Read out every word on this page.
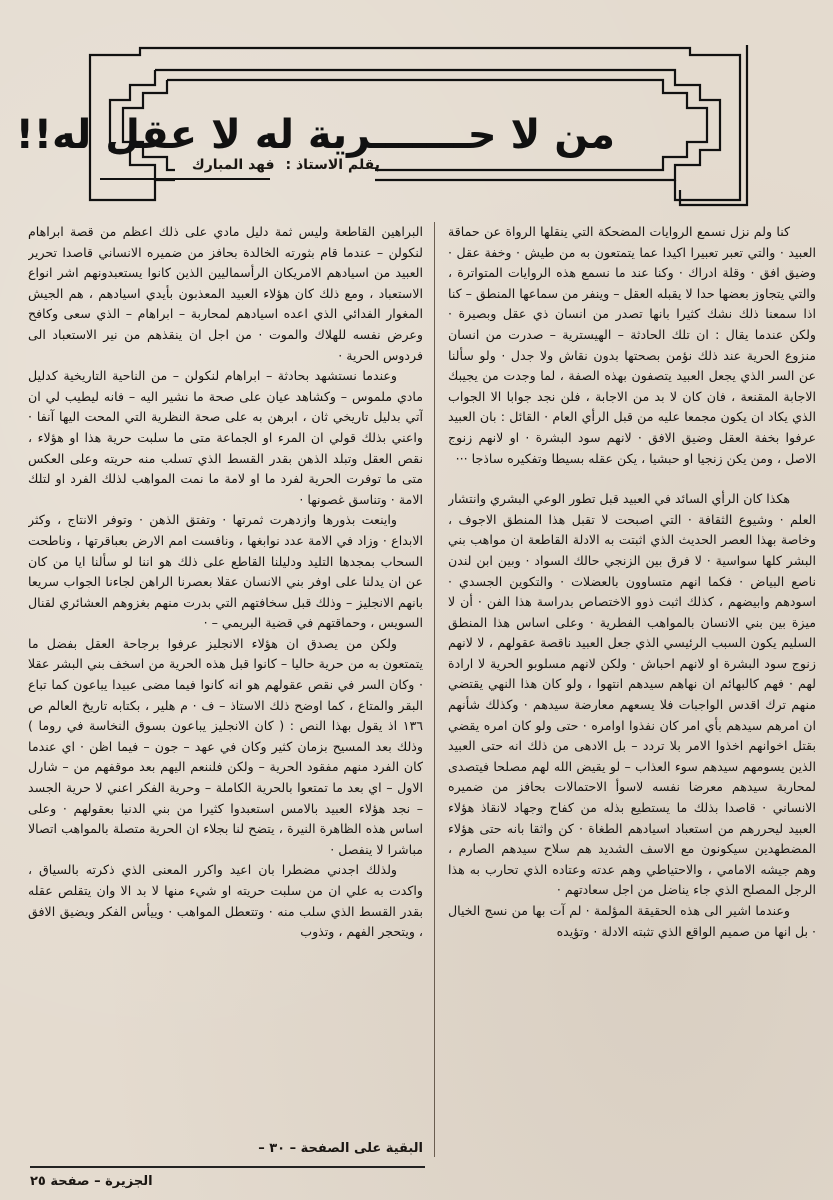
من لا حـــــــرية له لا عقل له!!
بقلم الاستاذ : فهد المبارك

كنا ولم نزل نسمع الروايات المضحكة التي ينقلها الرواة عن حماقة العبيد · والتي تعبر تعبيرا اكيدا عما يتمتعون به من طيش · وخفة عقل · وضيق افق · وقلة ادراك · وكنا عند ما نسمع هذه الروايات المتواترة ، والتي يتجاوز بعضها حدا لا يقبله العقل – وينفر من سماعها المنطق – كنا اذا سمعنا ذلك نشك كثيرا بانها تصدر من انسان ذي عقل وبصيرة · ولكن عندما يقال : ان تلك الحادثة – الهيسترية – صدرت من انسان منزوع الحرية عند ذلك نؤمن بصحتها بدون نقاش ولا جدل · ولو سألنا عن السر الذي يجعل العبيد يتصفون بهذه الصفة ، لما وجدت من يجيبك الاجابة المقنعة ، فان كان لا بد من الاجابة ، فلن نجد جوابا الا الجواب الذي يكاد ان يكون مجمعا عليه من قبل الرأي العام · القائل : بان العبيد عرفوا بخفة العقل وضيق الافق · لانهم سود البشرة · او لانهم زنوج الاصل ، ومن يكن زنجيا او حبشيا ، يكن عقله بسيطا وتفكيره ساذجا ···

هكذا كان الرأي السائد في العبيد قبل تطور الوعي البشري وانتشار العلم · وشيوع الثقافة · التي اصبحت لا تقبل هذا المنطق الاجوف ، وخاصة بهذا العصر الحديث الذي اثبتت به الادلة القاطعة ان مواهب بني البشر كلها سواسية · لا فرق بين الزنجي حالك السواد · وبين ابن لندن ناصع البياض · فكما انهم متساوون بالعضلات · والتكوين الجسدي · اسودهم وابيضهم ، كذلك اثبت ذوو الاختصاص بدراسة هذا الفن · أن لا ميزة بين بني الانسان بالمواهب الفطرية · وعلى اساس هذا المنطق السليم يكون السبب الرئيسي الذي جعل العبيد ناقصة عقولهم ، لا لانهم زنوج سود البشرة او لانهم احباش · ولكن لانهم مسلوبو الحرية لا ارادة لهم · فهم كالبهائم ان نهاهم سيدهم انتهوا ، ولو كان هذا النهي يقتضي منهم ترك اقدس الواجبات فلا يسعهم معارضة سيدهم · وكذلك شأنهم ان امرهم سيدهم بأي امر كان نفذوا اوامره · حتى ولو كان امره يقضي بقتل اخوانهم اخذوا الامر بلا تردد – بل الادهى من ذلك انه حتى العبيد الذين يسومهم سيدهم سوء العذاب – لو يقيض الله لهم مصلحا فيتصدى لمحاربة سيدهم معرضا نفسه لاسوأ الاحتمالات بحافز من ضميره الانساني · قاصدا بذلك ما يستطيع بذله من كفاح وجهاد لانقاذ هؤلاء العبيد ليحررهم من استعباد اسيادهم الطغاة · كن واثقا بانه حتى هؤلاء المضطهدين سيكونون مع الاسف الشديد هم سلاح سيدهم الصارم ، وهم جيشه الامامي ، والاحتياطي وهم عدته وعتاده الذي تحارب به هذا الرجل المصلح الذي جاء يناضل من اجل سعادتهم ·

وعندما اشير الى هذه الحقيقة المؤلمة · لم آت بها من نسج الخيال · بل انها من صميم الواقع الذي تثبته الادلة · وتؤيده

البراهين القاطعة وليس ثمة دليل مادي على ذلك اعظم من قصة ابراهام لنكولن – عندما قام بثورته الخالدة بحافز من ضميره الانساني قاصدا تحرير العبيد من اسيادهم الامريكان الرأسماليين الذين كانوا يستعبدونهم اشر انواع الاستعباد ، ومع ذلك كان هؤلاء العبيد المعذبون بأيدي اسيادهم ، هم الجيش المغوار الفدائي الذي اعده اسيادهم لمحاربة – ابراهام – الذي سعى وكافح وعرض نفسه للهلاك والموت · من اجل ان ينقذهم من نير الاستعباد الى فردوس الحرية ·

وعندما نستشهد بحادثة – ابراهام لنكولن – من الناحية التاريخية كدليل مادي ملموس – وكشاهد عيان على صحة ما نشير اليه – فانه ليطيب لي ان آتي بدليل تاريخي ثان ، ابرهن به على صحة النظرية التي المحت اليها آنفا · واعني بذلك قولي ان المرء او الجماعة متى ما سلبت حرية هذا او هؤلاء ، نقص العقل وتبلد الذهن بقدر القسط الذي تسلب منه حريته وعلى العكس متى ما توفرت الحرية لفرد ما او لامة ما نمت المواهب لذلك الفرد او لتلك الامة · وتناسق غصونها ·

واينعت بذورها وازدهرت ثمرتها · وتفتق الذهن · وتوفر الانتاج ، وكثر الابداع · وزاد في الامة عدد نوابغها ، ونافست امم الارض بعباقرتها ، وناطحت السحاب بمجدها التليد ودليلنا القاطع على ذلك هو اننا لو سألنا ايا من كان عن ان يدلنا على اوفر بني الانسان عقلا بعصرنا الراهن لجاءنا الجواب سريعا بانهم الانجليز – وذلك قبل سخافتهم التي بدرت منهم بغزوهم العشائري لقنال السويس ، وحماقتهم في قضية البريمي – ·

ولكن من يصدق ان هؤلاء الانجليز عرفوا برجاحة العقل بفضل ما يتمتعون به من حرية حاليا – كانوا قبل هذه الحرية من اسخف بني البشر عقلا · وكان السر في نقص عقولهم هو انه كانوا فيما مضى عبيدا يباعون كما تباع البقر والمتاع ، كما اوضح ذلك الاستاذ – ف · م هلير ، بكتابه تاريخ العالم ص ١٣٦ اذ يقول بهذا النص : ( كان الانجليز يباعون بسوق النخاسة في روما ) وذلك بعد المسيح بزمان كثير وكان في عهد – جون – فيما اظن · اي عندما كان الفرد منهم مفقود الحرية – ولكن فلننعم اليهم بعد موقفهم من – شارل الاول – اي بعد ما تمتعوا بالحرية الكاملة – وحرية الفكر اعني لا حرية الجسد – نجد هؤلاء العبيد بالامس استعبدوا كثيرا من بني الدنيا بعقولهم · وعلى اساس هذه الظاهرة النيرة ، يتضح لنا بجلاء ان الحرية متصلة بالمواهب اتصالا مباشرا لا ينفصل ·

ولذلك اجدني مضطرا بان اعيد واكرر المعنى الذي ذكرته بالسياق ، واكدت به علي ان من سلبت حريته او شيء منها لا بد الا وان يتقلص عقله بقدر القسط الذي سلب منه · وتتعطل المواهب · وييأس الفكر ويضيق الافق ، ويتحجر الفهم ، وتذوب

البقية على الصفحة – ٣٠ –
الجزيرة – صفحة ٢٥
